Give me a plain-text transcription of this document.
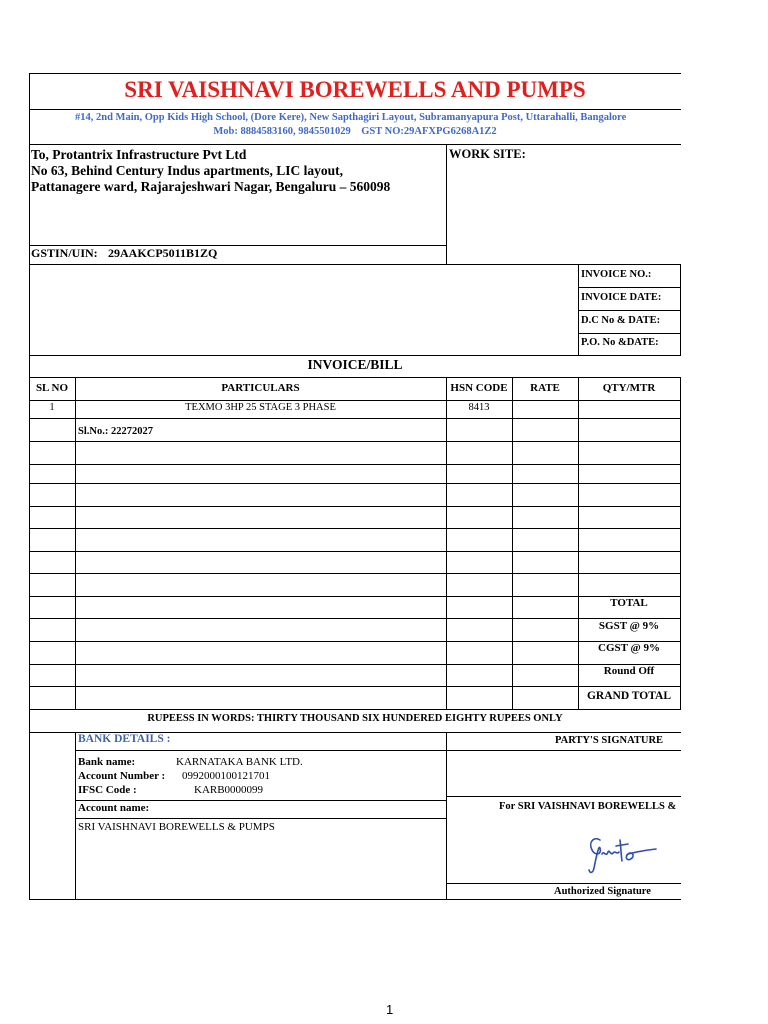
SRI VAISHNAVI BOREWELLS AND PUMPS
#14, 2nd Main, Opp Kids High School, (Dore Kere), New Sapthagiri Layout, Subramanyapura Post, Uttarahalli, Bangalore
Mob: 8884583160, 9845501029    GST NO:29AFXPG6268A1Z2
To, Protantrix Infrastructure Pvt Ltd
No 63, Behind Century Indus apartments, LIC layout,
Pattanagere ward, Rajarajeshwari Nagar, Bengaluru – 560098
GSTIN/UIN: 29AAKCP5011B1ZQ
WORK SITE:
INVOICE NO.:
INVOICE DATE:
D.C No & DATE:
P.O. No &DATE:
INVOICE/BILL
SL NO	PARTICULARS	HSN CODE	RATE	QTY/MTR
1	TEXMO 3HP 25 STAGE 3 PHASE	8413
Sl.No.: 22272027
TOTAL
SGST @ 9%
CGST @ 9%
Round Off
GRAND TOTAL
RUPEESS IN WORDS: THIRTY THOUSAND SIX HUNDERED EIGHTY RUPEES ONLY
BANK DETAILS :
Bank name:	KARNATAKA BANK LTD.
Account Number : 0992000100121701
IFSC Code :	KARB0000099
Account name:
SRI VAISHNAVI BOREWELLS & PUMPS
PARTY'S SIGNATURE
For SRI VAISHNAVI BOREWELLS &
Authorized Signature
1
